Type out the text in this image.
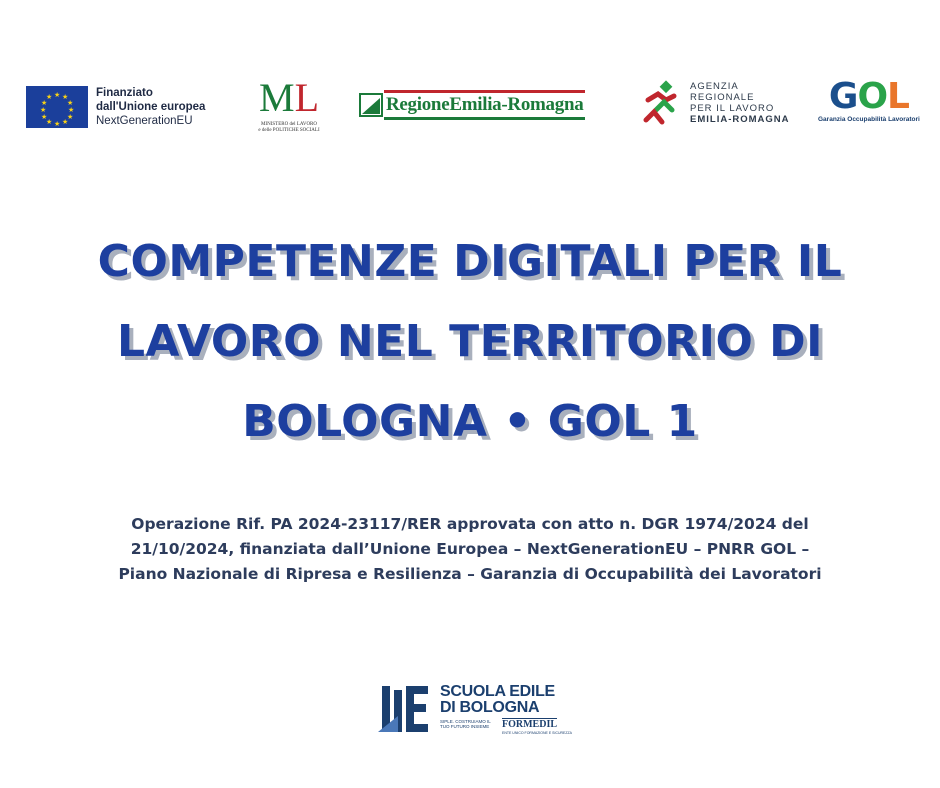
★ ★
★
★
★
★
★
★
★
★
★
★	Finanziato
dall'Unione europea
NextGenerationEU
ML
MINISTERO del LAVORO
e delle POLITICHE SOCIALI
RegioneEmilia-Romagna
AGENZIA
REGIONALE
PER IL LAVORO
EMILIA-ROMAGNA
GOL
Garanzia Occupabilità Lavoratori
COMPETENZE DIGITALI PER IL
LAVORO NEL TERRITORIO DI
BOLOGNA • GOL 1
Operazione Rif. PA 2024-23117/RER approvata con atto n. DGR 1974/2024 del
21/10/2024, finanziata dall’Unione Europea – NextGenerationEU – PNRR GOL –
Piano Nazionale di Ripresa e Resilienza – Garanzia di Occupabilità dei Lavoratori
SCUOLA EDILE
DI BOLOGNA
SIPLE. COSTRUIAMO IL TUO FUTURO INSIEME	FORMEDIL
ENTE UNICO FORMAZIONE E SICUREZZA
